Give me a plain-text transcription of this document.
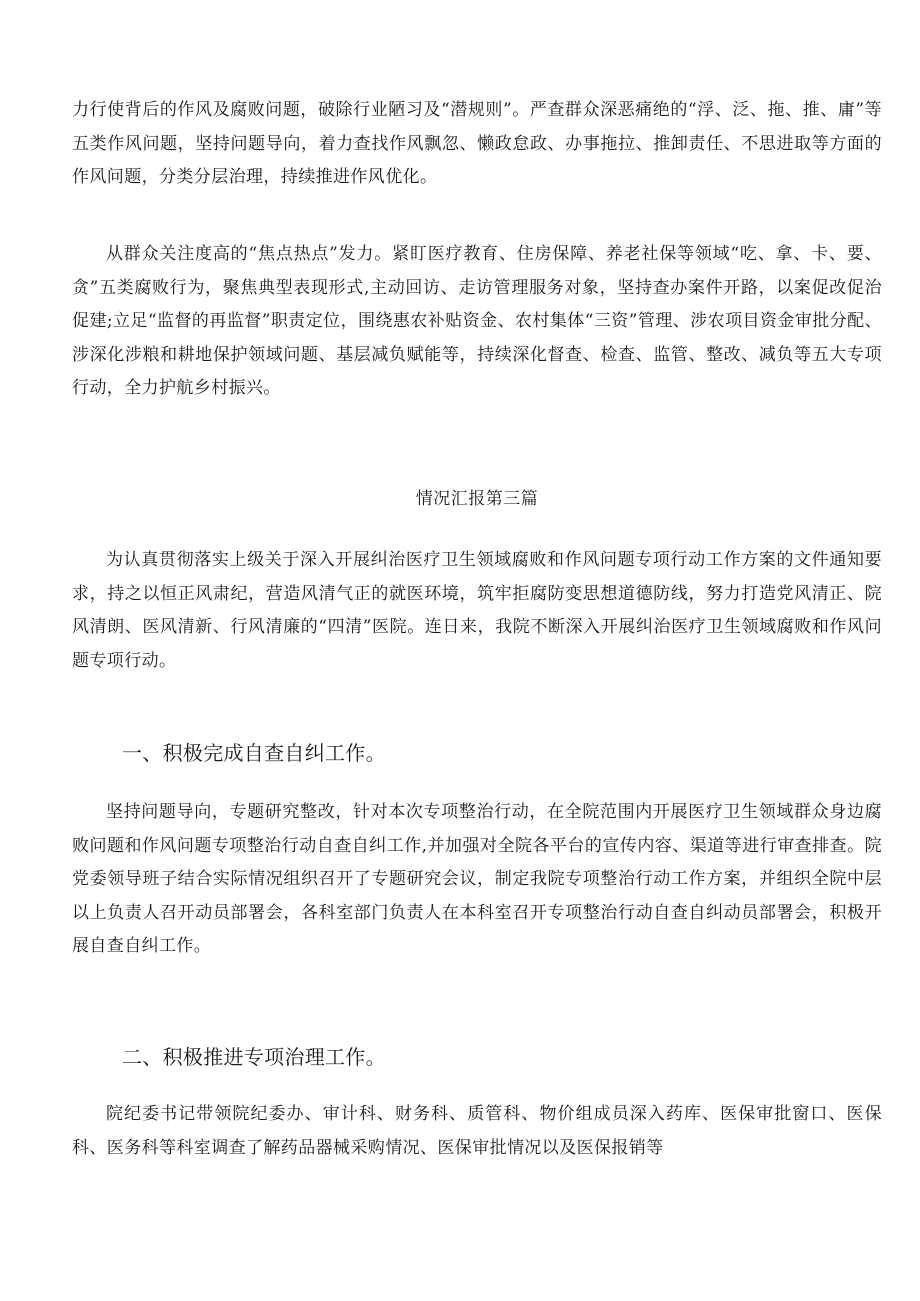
力行使背后的作风及腐败问题，破除行业陋习及“潜规则”。严查群众深恶痛绝的“浮、泛、拖、推、庸”等五类作风问题，坚持问题导向，着力查找作风飘忽、懒政怠政、办事拖拉、推卸责任、不思进取等方面的作风问题，分类分层治理，持续推进作风优化。

从群众关注度高的“焦点热点”发力。紧盯医疗教育、住房保障、养老社保等领域“吃、拿、卡、要、贪”五类腐败行为，聚焦典型表现形式,主动回访、走访管理服务对象，坚持查办案件开路，以案促改促治促建;立足“监督的再监督”职责定位，围绕惠农补贴资金、农村集体“三资”管理、涉农项目资金审批分配、涉深化涉粮和耕地保护领域问题、基层减负赋能等，持续深化督查、检查、监管、整改、减负等五大专项行动，全力护航乡村振兴。

情况汇报第三篇

为认真贯彻落实上级关于深入开展纠治医疗卫生领域腐败和作风问题专项行动工作方案的文件通知要求，持之以恒正风肃纪，营造风清气正的就医环境，筑牢拒腐防变思想道德防线，努力打造党风清正、院风清朗、医风清新、行风清廉的“四清”医院。连日来，我院不断深入开展纠治医疗卫生领域腐败和作风问题专项行动。

一、积极完成自查自纠工作。

坚持问题导向，专题研究整改，针对本次专项整治行动，在全院范围内开展医疗卫生领域群众身边腐败问题和作风问题专项整治行动自查自纠工作,并加强对全院各平台的宣传内容、渠道等进行审查排查。院党委领导班子结合实际情况组织召开了专题研究会议，制定我院专项整治行动工作方案，并组织全院中层以上负责人召开动员部署会，各科室部门负责人在本科室召开专项整治行动自查自纠动员部署会，积极开展自查自纠工作。

二、积极推进专项治理工作。

院纪委书记带领院纪委办、审计科、财务科、质管科、物价组成员深入药库、医保审批窗口、医保科、医务科等科室调查了解药品器械采购情况、医保审批情况以及医保报销等
